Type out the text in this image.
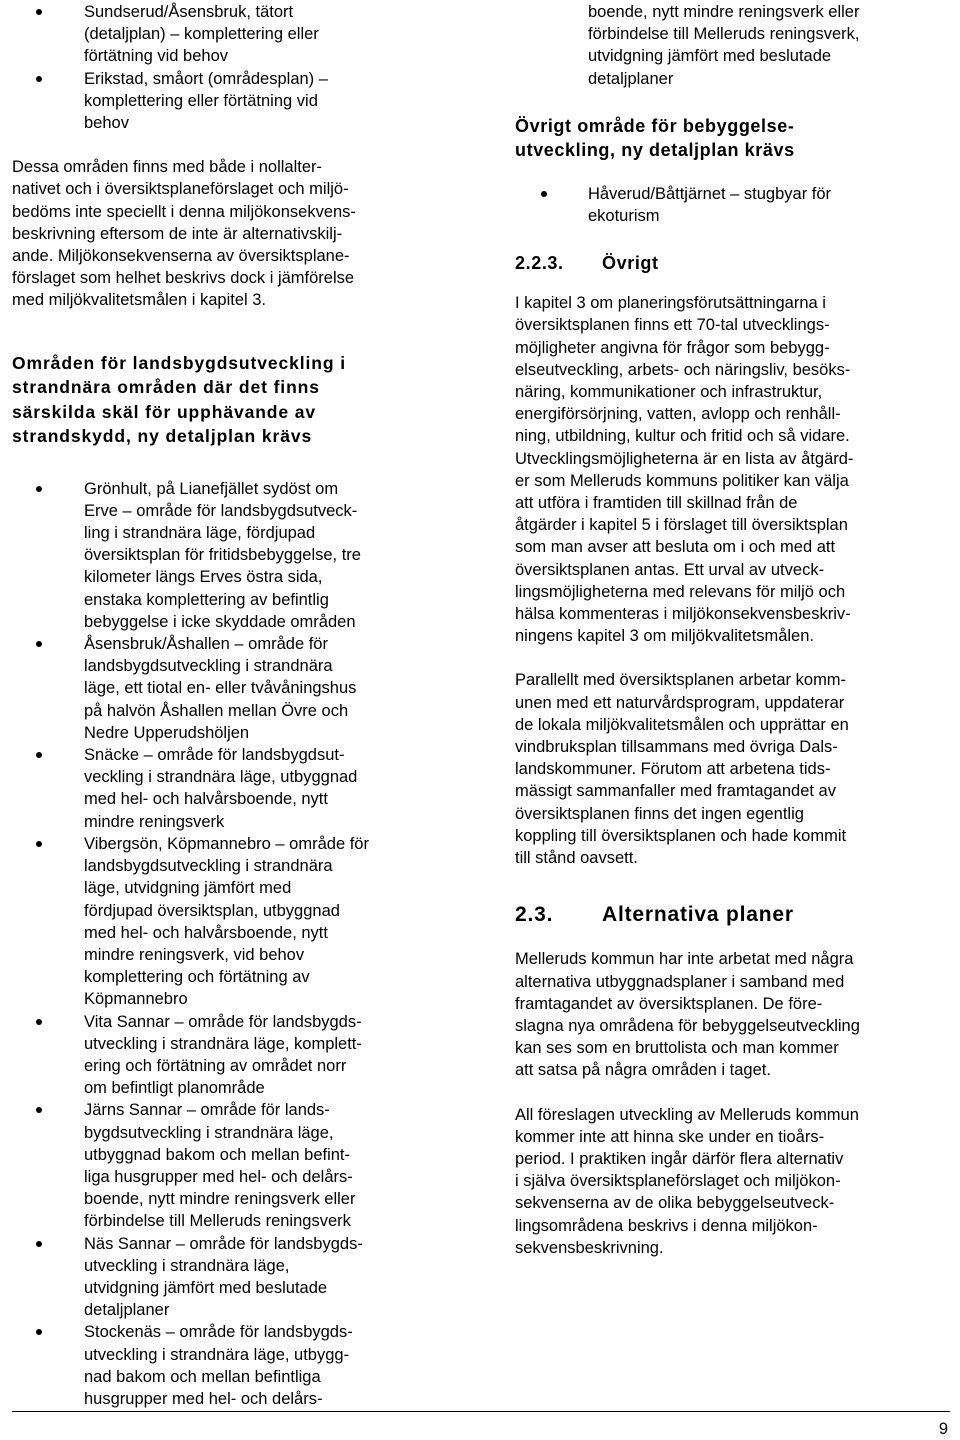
Sundserud/Åsensbruk, tätort
(detaljplan) – komplettering eller
förtätning vid behov
Erikstad, småort (områdesplan) –
komplettering eller förtätning vid
behov
Dessa områden finns med både i nollalter-
nativet och i översiktsplaneförslaget och miljö-
bedöms inte speciellt i denna miljökonsekvens-
beskrivning eftersom de inte är alternativskilj-
ande. Miljökonsekvenserna av översiktsplane-
förslaget som helhet beskrivs dock i jämförelse
med miljökvalitetsmålen i kapitel 3.
Områden för landsbygdsutveckling i
strandnära områden där det finns
särskilda skäl för upphävande av
strandskydd, ny detaljplan krävs
Grönhult, på Lianefjället sydöst om
Erve – område för landsbygdsutveck-
ling i strandnära läge, fördjupad
översiktsplan för fritidsbebyggelse, tre
kilometer längs Erves östra sida,
enstaka komplettering av befintlig
bebyggelse i icke skyddade områden
Åsensbruk/Åshallen – område för
landsbygdsutveckling i strandnära
läge, ett tiotal en- eller tvåvåningshus
på halvön Åshallen mellan Övre och
Nedre Upperudshöljen
Snäcke – område för landsbygdsut-
veckling i strandnära läge, utbyggnad
med hel- och halvårsboende, nytt
mindre reningsverk
Vibergsön, Köpmannebro – område för
landsbygdsutveckling i strandnära
läge, utvidgning jämfört med
fördjupad översiktsplan, utbyggnad
med hel- och halvårsboende, nytt
mindre reningsverk, vid behov
komplettering och förtätning av
Köpmannebro
Vita Sannar – område för landsbygds-
utveckling i strandnära läge, komplett-
ering och förtätning av området norr
om befintligt planområde
Järns Sannar – område för lands-
bygdsutveckling i strandnära läge,
utbyggnad bakom och mellan befint-
liga husgrupper med hel- och delårs-
boende, nytt mindre reningsverk eller
förbindelse till Melleruds reningsverk
Näs Sannar – område för landsbygds-
utveckling i strandnära läge,
utvidgning jämfört med beslutade
detaljplaner
Stockenäs – område för landsbygds-
utveckling i strandnära läge, utbygg-
nad bakom och mellan befintliga
husgrupper med hel- och delårs-
boende, nytt mindre reningsverk eller
förbindelse till Melleruds reningsverk,
utvidgning jämfört med beslutade
detaljplaner
Övrigt område för bebyggelse-
utveckling, ny detaljplan krävs
Håverud/Båttjärnet – stugbyar för
ekoturism
2.2.3. Övrigt
I kapitel 3 om planeringsförutsättningarna i
översiktsplanen finns ett 70-tal utvecklings-
möjligheter angivna för frågor som bebygg-
elseutveckling, arbets- och näringsliv, besöks-
näring, kommunikationer och infrastruktur,
energiförsörjning, vatten, avlopp och renhåll-
ning, utbildning, kultur och fritid och så vidare.
Utvecklingsmöjligheterna är en lista av åtgärd-
er som Melleruds kommuns politiker kan välja
att utföra i framtiden till skillnad från de
åtgärder i kapitel 5 i förslaget till översiktsplan
som man avser att besluta om i och med att
översiktsplanen antas. Ett urval av utveck-
lingsmöjligheterna med relevans för miljö och
hälsa kommenteras i miljökonsekvensbeskriv-
ningens kapitel 3 om miljökvalitetsmålen.
Parallellt med översiktsplanen arbetar komm-
unen med ett naturvårdsprogram, uppdaterar
de lokala miljökvalitetsmålen och upprättar en
vindbruksplan tillsammans med övriga Dals-
landskommuner. Förutom att arbetena tids-
mässigt sammanfaller med framtagandet av
översiktsplanen finns det ingen egentlig
koppling till översiktsplanen och hade kommit
till stånd oavsett.
2.3. Alternativa planer
Melleruds kommun har inte arbetat med några
alternativa utbyggnadsplaner i samband med
framtagandet av översiktsplanen. De före-
slagna nya områdena för bebyggelseutveckling
kan ses som en bruttolista och man kommer
att satsa på några områden i taget.
All föreslagen utveckling av Melleruds kommun
kommer inte att hinna ske under en tioårs-
period. I praktiken ingår därför flera alternativ
i själva översiktsplaneförslaget och miljökon-
sekvenserna av de olika bebyggelseutveck-
lingsområdena beskrivs i denna miljökon-
sekvensbeskrivning.
9
